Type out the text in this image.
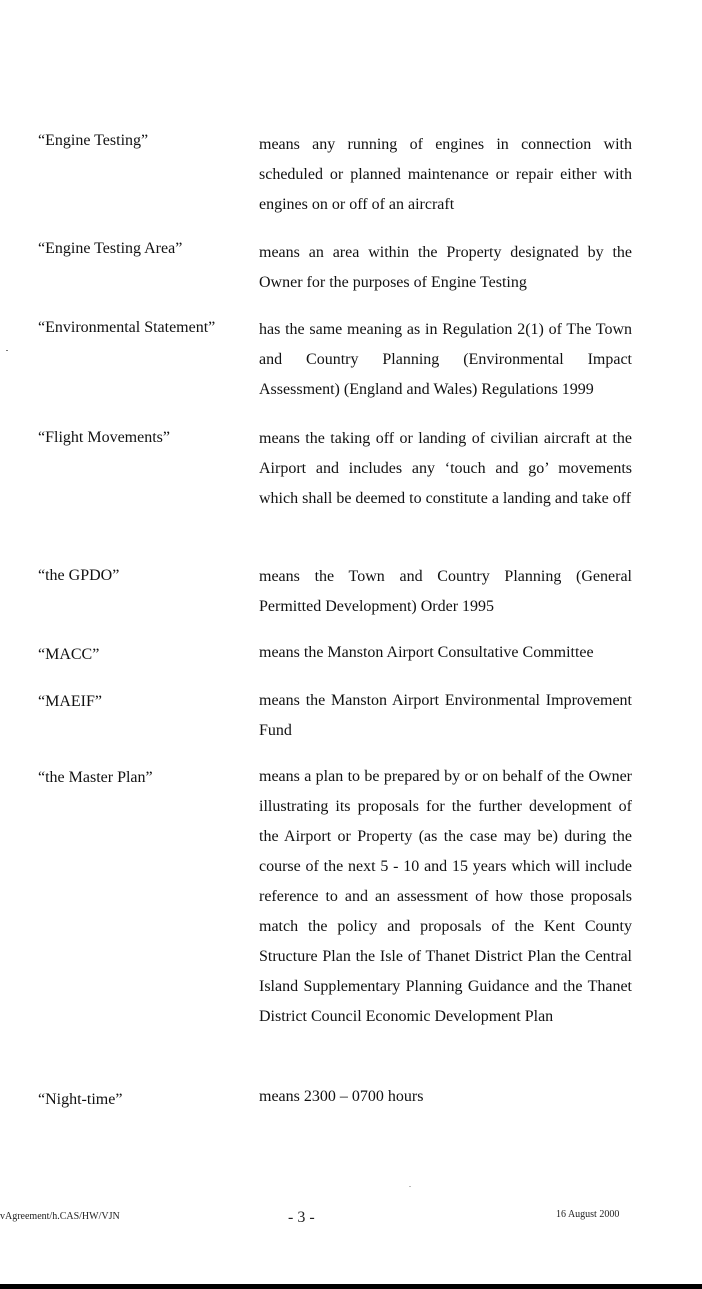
“Engine Testing”	means any running of engines in connection with scheduled or planned maintenance or repair either with engines on or off of an aircraft
“Engine Testing Area”	means an area within the Property designated by the Owner for the purposes of Engine Testing
“Environmental Statement”	has the same meaning as in Regulation 2(1) of The Town and Country Planning (Environmental Impact Assessment) (England and Wales) Regulations 1999
“Flight Movements”	means the taking off or landing of civilian aircraft at the Airport and includes any ‘touch and go’ movements which shall be deemed to constitute a landing and take off
“the GPDO”	means the Town and Country Planning (General Permitted Development) Order 1995
“MACC”	means the Manston Airport Consultative Committee
“MAEIF”	means the Manston Airport Environmental Improvement Fund
“the Master Plan”	means a plan to be prepared by or on behalf of the Owner illustrating its proposals for the further development of the Airport or Property (as the case may be) during the course of the next 5 - 10 and 15 years which will include reference to and an assessment of how those proposals match the policy and proposals of the Kent County Structure Plan the Isle of Thanet District Plan the Central Island Supplementary Planning Guidance and the Thanet District Council Economic Development Plan
“Night-time”	means 2300 – 0700 hours
vAgreement/h.CAS/HW/VJN	- 3 -	16 August 2000
